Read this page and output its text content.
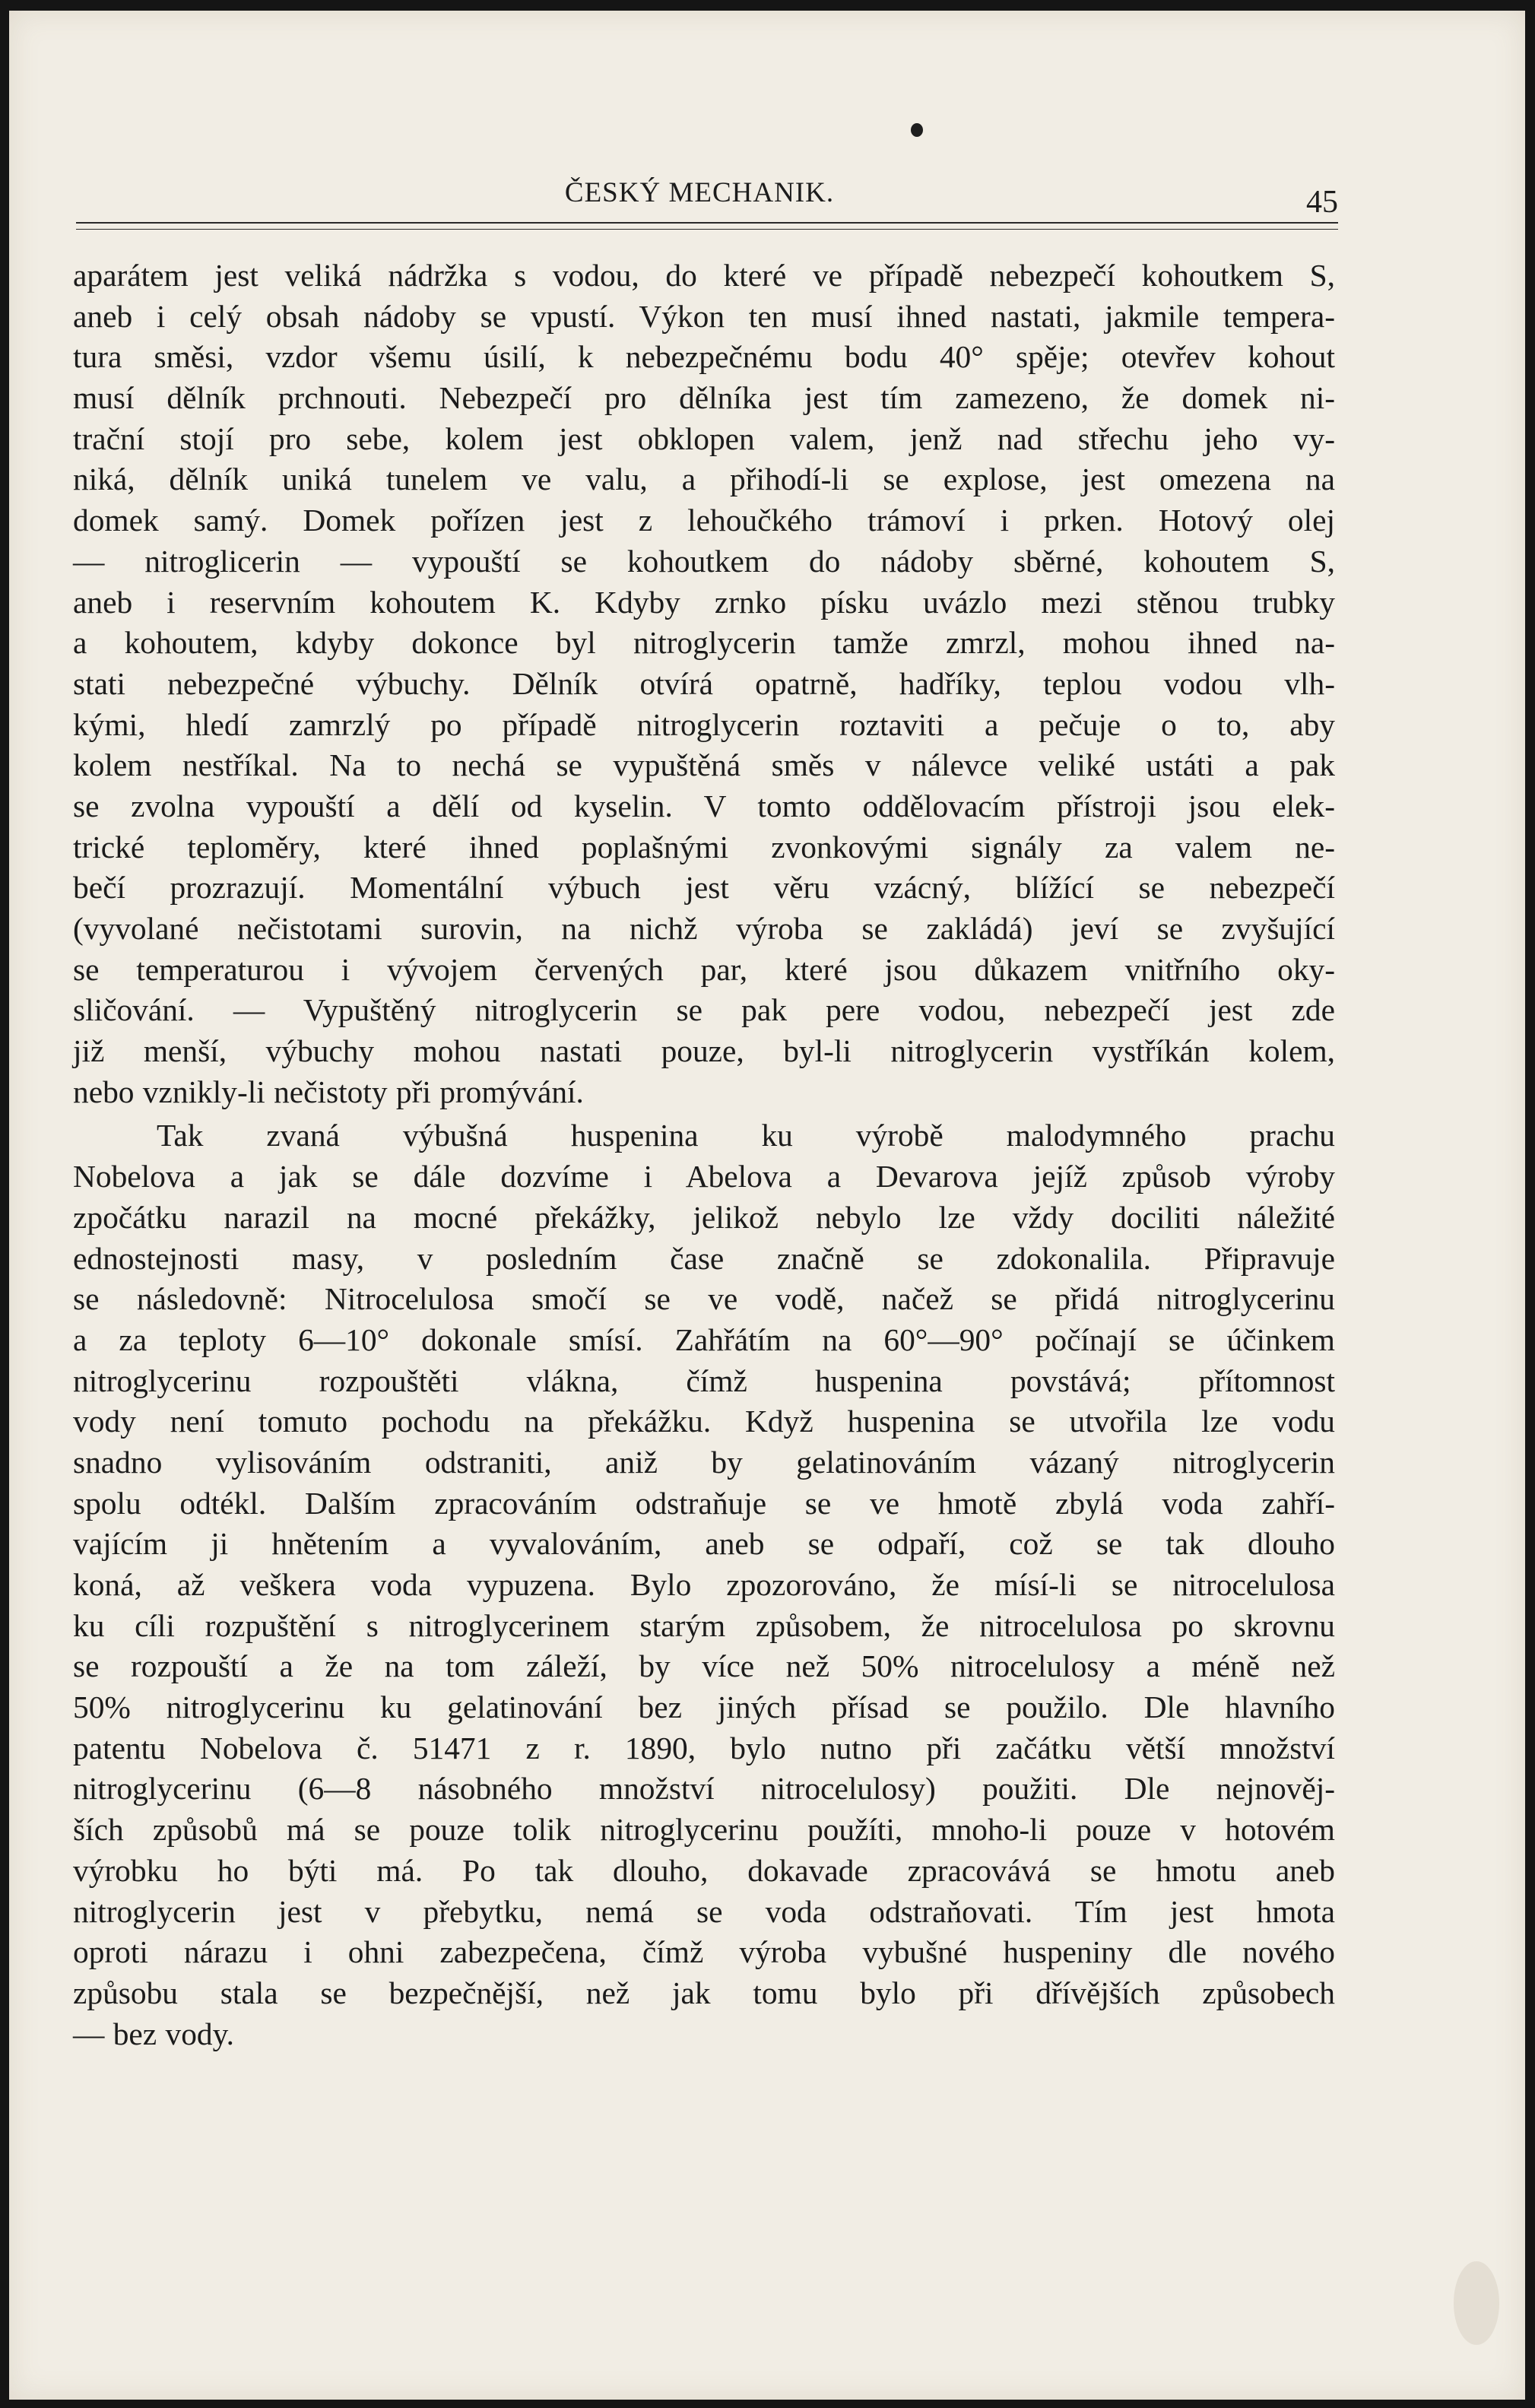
ČESKÝ MECHANIK.	45
aparátem jest veliká nádržka s vodou, do které ve případě nebezpečí kohoutkem S,
aneb i celý obsah nádoby se vpustí. Výkon ten musí ihned nastati, jakmile tempera-
tura směsi, vzdor všemu úsilí, k nebezpečnému bodu 40° spěje; otevřev kohout
musí dělník prchnouti. Nebezpečí pro dělníka jest tím zamezeno, že domek ni-
trační stojí pro sebe, kolem jest obklopen valem, jenž nad střechu jeho vy-
niká, dělník uniká tunelem ve valu, a přihodí-li se explose, jest omezena na
domek samý. Domek pořízen jest z lehoučkého trámoví i prken. Hotový olej
— nitroglicerin — vypouští se kohoutkem do nádoby sběrné, kohoutem S,
aneb i reservním kohoutem K. Kdyby zrnko písku uvázlo mezi stěnou trubky
a kohoutem, kdyby dokonce byl nitroglycerin tamže zmrzl, mohou ihned na-
stati nebezpečné výbuchy. Dělník otvírá opatrně, hadříky, teplou vodou vlh-
kými, hledí zamrzlý po případě nitroglycerin roztaviti a pečuje o to, aby
kolem nestříkal. Na to nechá se vypuštěná směs v nálevce veliké ustáti a pak
se zvolna vypouští a dělí od kyselin. V tomto oddělovacím přístroji jsou elek-
trické teploměry, které ihned poplašnými zvonkovými signály za valem ne-
bečí prozrazují. Momentální výbuch jest věru vzácný, blížící se nebezpečí
(vyvolané nečistotami surovin, na nichž výroba se zakládá) jeví se zvyšující
se temperaturou i vývojem červených par, které jsou důkazem vnitřního oky-
sličování. — Vypuštěný nitroglycerin se pak pere vodou, nebezpečí jest zde
již menší, výbuchy mohou nastati pouze, byl-li nitroglycerin vystříkán kolem,
nebo vznikly-li nečistoty při promývání.
Tak zvaná výbušná huspenina ku výrobě malodymného prachu
Nobelova a jak se dále dozvíme i Abelova a Devarova jejíž způsob výroby
zpočátku narazil na mocné překážky, jelikož nebylo lze vždy dociliti náležité
ednostejnosti masy, v posledním čase značně se zdokonalila. Připravuje
se následovně: Nitrocelulosa smočí se ve vodě, načež se přidá nitroglycerinu
a za teploty 6—10° dokonale smísí. Zahřátím na 60°—90° počínají se účinkem
nitroglycerinu rozpouštěti vlákna, čímž huspenina povstává; přítomnost
vody není tomuto pochodu na překážku. Když huspenina se utvořila lze vodu
snadno vylisováním odstraniti, aniž by gelatinováním vázaný nitroglycerin
spolu odtékl. Dalším zpracováním odstraňuje se ve hmotě zbylá voda zahří-
vajícím ji hnětením a vyvalováním, aneb se odpaří, což se tak dlouho
koná, až veškera voda vypuzena. Bylo zpozorováno, že mísí-li se nitrocelulosa
ku cíli rozpuštění s nitroglycerinem starým způsobem, že nitrocelulosa po skrovnu
se rozpouští a že na tom záleží, by více než 50% nitrocelulosy a méně než
50% nitroglycerinu ku gelatinování bez jiných přísad se použilo. Dle hlavního
patentu Nobelova č. 51471 z r. 1890, bylo nutno při začátku větší množství
nitroglycerinu (6—8 násobného množství nitrocelulosy) použiti. Dle nejnověj-
ších způsobů má se pouze tolik nitroglycerinu použíti, mnoho-li pouze v hotovém
výrobku ho býti má. Po tak dlouho, dokavade zpracovává se hmotu aneb
nitroglycerin jest v přebytku, nemá se voda odstraňovati. Tím jest hmota
oproti nárazu i ohni zabezpečena, čímž výroba vybušné huspeniny dle nového
způsobu stala se bezpečnější, než jak tomu bylo při dřívějších způsobech
— bez vody.
